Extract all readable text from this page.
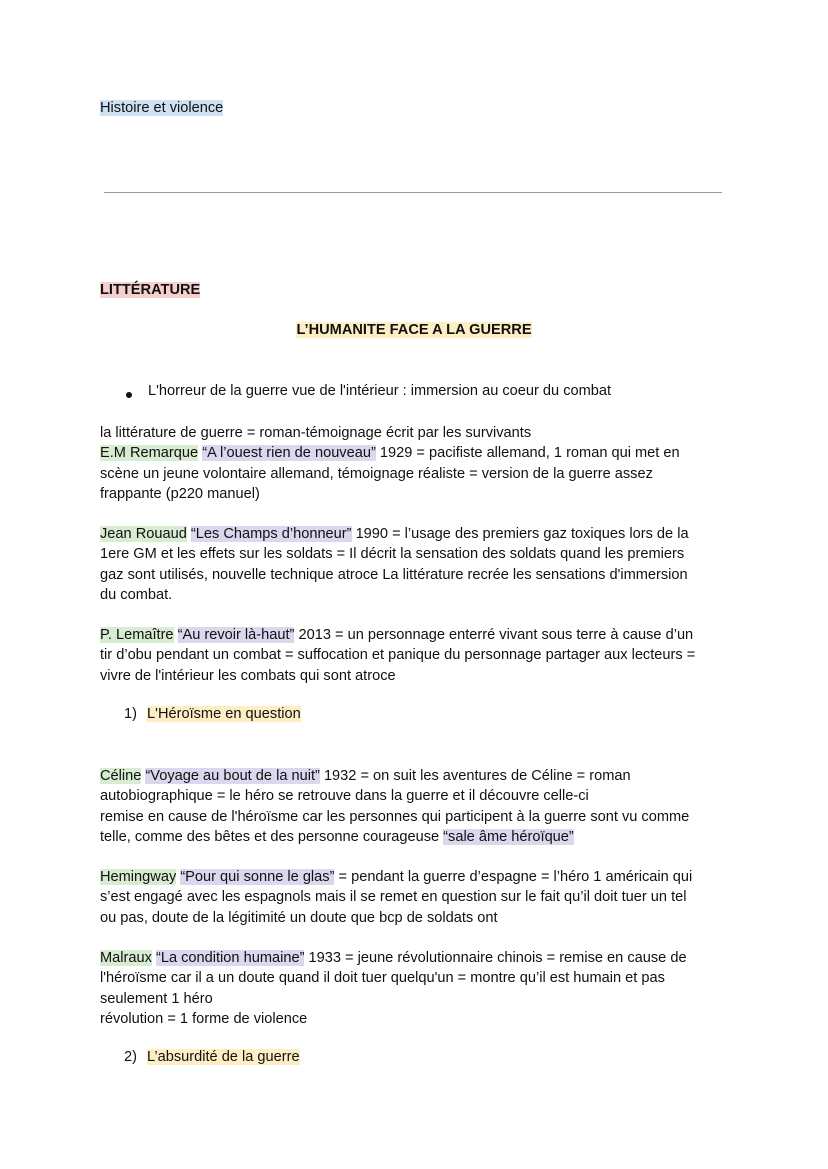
Histoire et violence
LITTÉRATURE
L’HUMANITE FACE A LA GUERRE
L'horreur de la guerre vue de l'intérieur : immersion au coeur du combat

la littérature de guerre = roman-témoignage écrit par les survivants

E.M Remarque “A l’ouest rien de nouveau” 1929 = pacifiste allemand, 1 roman qui met en

scène un jeune volontaire allemand, témoignage réaliste = version de la guerre assez

frappante (p220 manuel)

Jean Rouaud “Les Champs d’honneur” 1990 = l’usage des premiers gaz toxiques lors de la

1ere GM et les effets sur les soldats = Il décrit la sensation des soldats quand les premiers

gaz sont utilisés, nouvelle technique atroce La littérature recrée les sensations d'immersion

du combat.

P. Lemaître “Au revoir là-haut” 2013 = un personnage enterré vivant sous terre à cause d’un

tir d’obu pendant un combat = suffocation et panique du personnage partager aux lecteurs =

vivre de l'intérieur les combats qui sont atroce

1) L'Héroïsme en question

Céline “Voyage au bout de la nuit” 1932 = on suit les aventures de Céline = roman

autobiographique = le héro se retrouve dans la guerre et il découvre celle-ci

remise en cause de l'héroïsme car les personnes qui participent à la guerre sont vu comme

telle, comme des bêtes et des personne courageuse “sale âme héroïque”

Hemingway “Pour qui sonne le glas” = pendant la guerre d’espagne = l’héro 1 américain qui

s’est engagé avec les espagnols mais il se remet en question sur le fait qu’il doit tuer un tel

ou pas, doute de la légitimité un doute que bcp de soldats ont

Malraux “La condition humaine” 1933 = jeune révolutionnaire chinois = remise en cause de

l'héroïsme car il a un doute quand il doit tuer quelqu'un = montre qu’il est humain et pas

seulement 1 héro

révolution = 1 forme de violence

2) L’absurdité de la guerre
